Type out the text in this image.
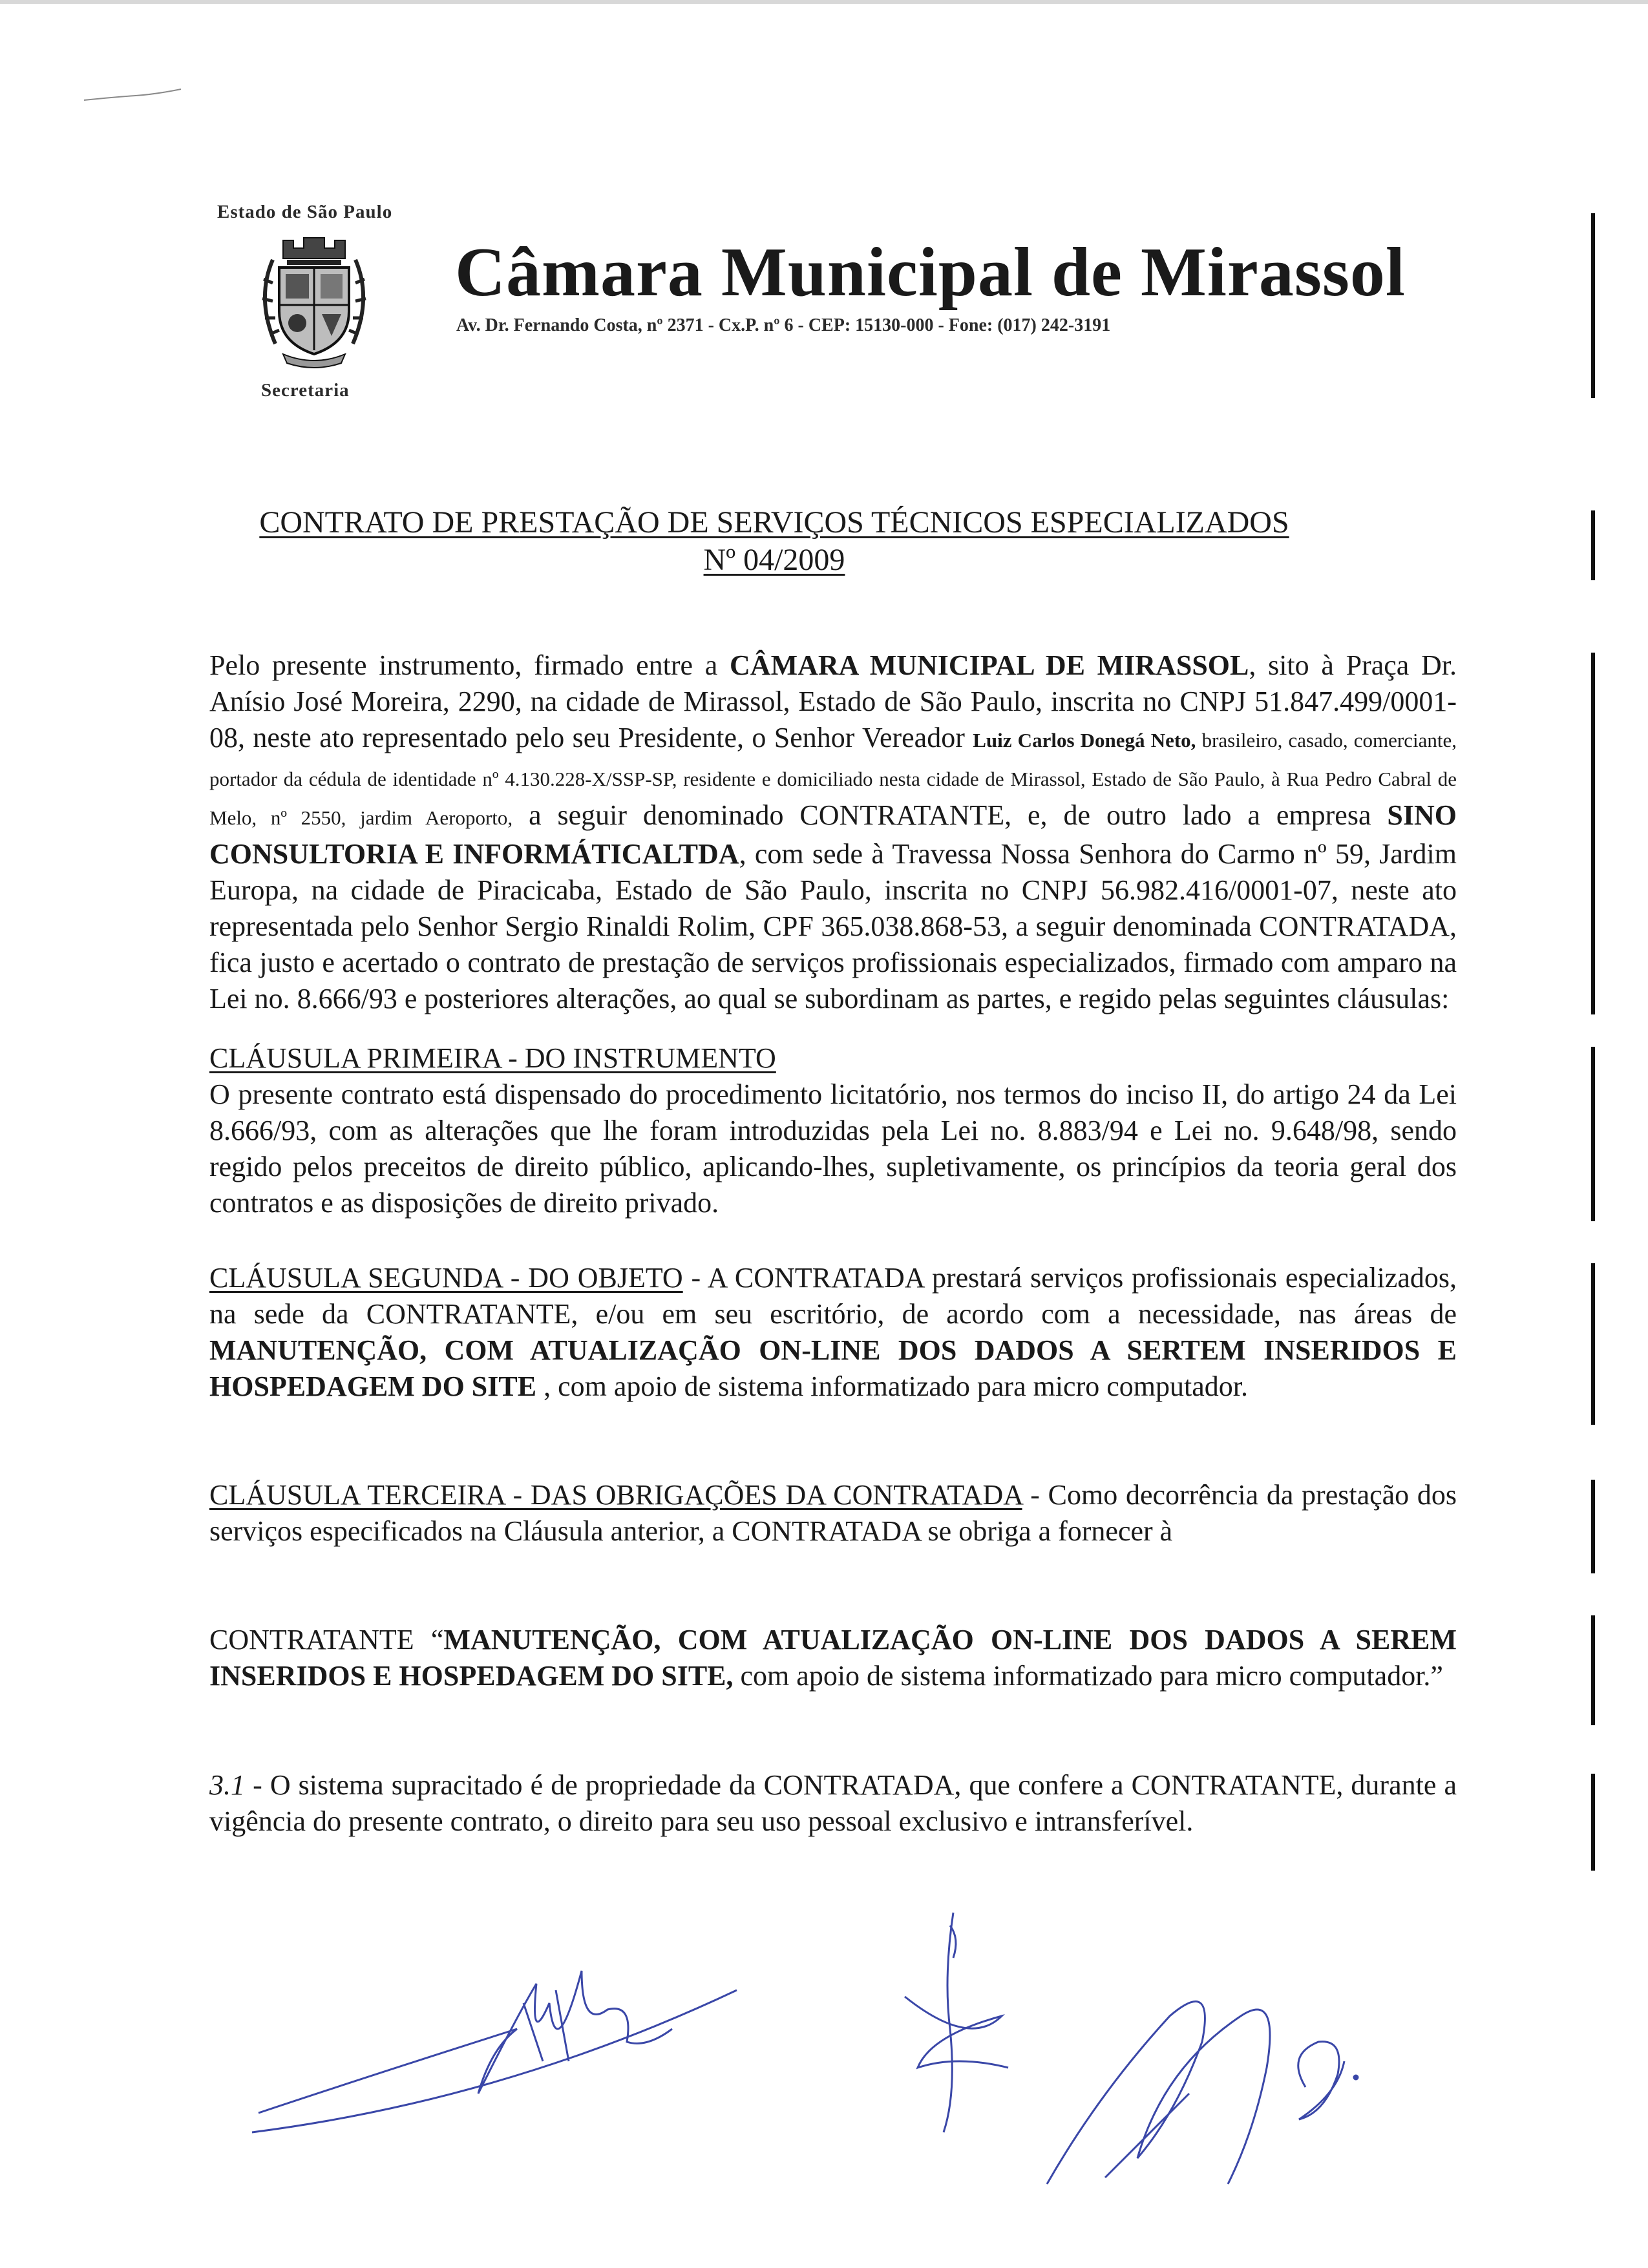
Estado de São Paulo
Secretaria
Câmara Municipal de Mirassol
Av. Dr. Fernando Costa, nº 2371 - Cx.P. nº 6 - CEP: 15130-000 - Fone: (017) 242-3191
CONTRATO DE PRESTAÇÃO DE SERVIÇOS TÉCNICOS ESPECIALIZADOS
Nº 04/2009
Pelo presente instrumento, firmado entre a CÂMARA MUNICIPAL DE MIRASSOL, sito à Praça Dr. Anísio José Moreira, 2290, na cidade de Mirassol, Estado de São Paulo, inscrita no CNPJ 51.847.499/0001-08, neste ato representado pelo seu Presidente, o Senhor Vereador Luiz Carlos Donegá Neto, brasileiro, casado, comerciante, portador da cédula de identidade nº 4.130.228-X/SSP-SP, residente e domiciliado nesta cidade de Mirassol, Estado de São Paulo, à Rua Pedro Cabral de Melo, nº 2550, jardim Aeroporto, a seguir denominado CONTRATANTE, e, de outro lado a empresa SINO CONSULTORIA E INFORMÁTICALTDA, com sede à Travessa Nossa Senhora do Carmo nº 59, Jardim Europa, na cidade de Piracicaba, Estado de São Paulo, inscrita no CNPJ 56.982.416/0001-07, neste ato representada pelo Senhor Sergio Rinaldi Rolim, CPF 365.038.868-53, a seguir denominada CONTRATADA, fica justo e acertado o contrato de prestação de serviços profissionais especializados, firmado com amparo na Lei no. 8.666/93 e posteriores alterações, ao qual se subordinam as partes, e regido pelas seguintes cláusulas:
CLÁUSULA PRIMEIRA - DO INSTRUMENTO
O presente contrato está dispensado do procedimento licitatório, nos termos do inciso II, do artigo 24 da Lei 8.666/93, com as alterações que lhe foram introduzidas pela Lei no. 8.883/94 e Lei no. 9.648/98, sendo regido pelos preceitos de direito público, aplicando-lhes, supletivamente, os princípios da teoria geral dos contratos e as disposições de direito privado.
CLÁUSULA SEGUNDA - DO OBJETO - A CONTRATADA prestará serviços profissionais especializados, na sede da CONTRATANTE, e/ou em seu escritório, de acordo com a necessidade, nas áreas de MANUTENÇÃO, COM ATUALIZAÇÃO ON-LINE DOS DADOS A SERTEM INSERIDOS E HOSPEDAGEM DO SITE , com apoio de sistema informatizado para micro computador.
CLÁUSULA TERCEIRA - DAS OBRIGAÇÕES DA CONTRATADA - Como decorrência da prestação dos serviços especificados na Cláusula anterior, a CONTRATADA se obriga a fornecer à
CONTRATANTE “MANUTENÇÃO, COM ATUALIZAÇÃO ON-LINE DOS DADOS A SEREM INSERIDOS E HOSPEDAGEM DO SITE, com apoio de sistema informatizado para micro computador.”
3.1 - O sistema supracitado é de propriedade da CONTRATADA, que confere a CONTRATANTE, durante a vigência do presente contrato, o direito para seu uso pessoal exclusivo e intransferível.
